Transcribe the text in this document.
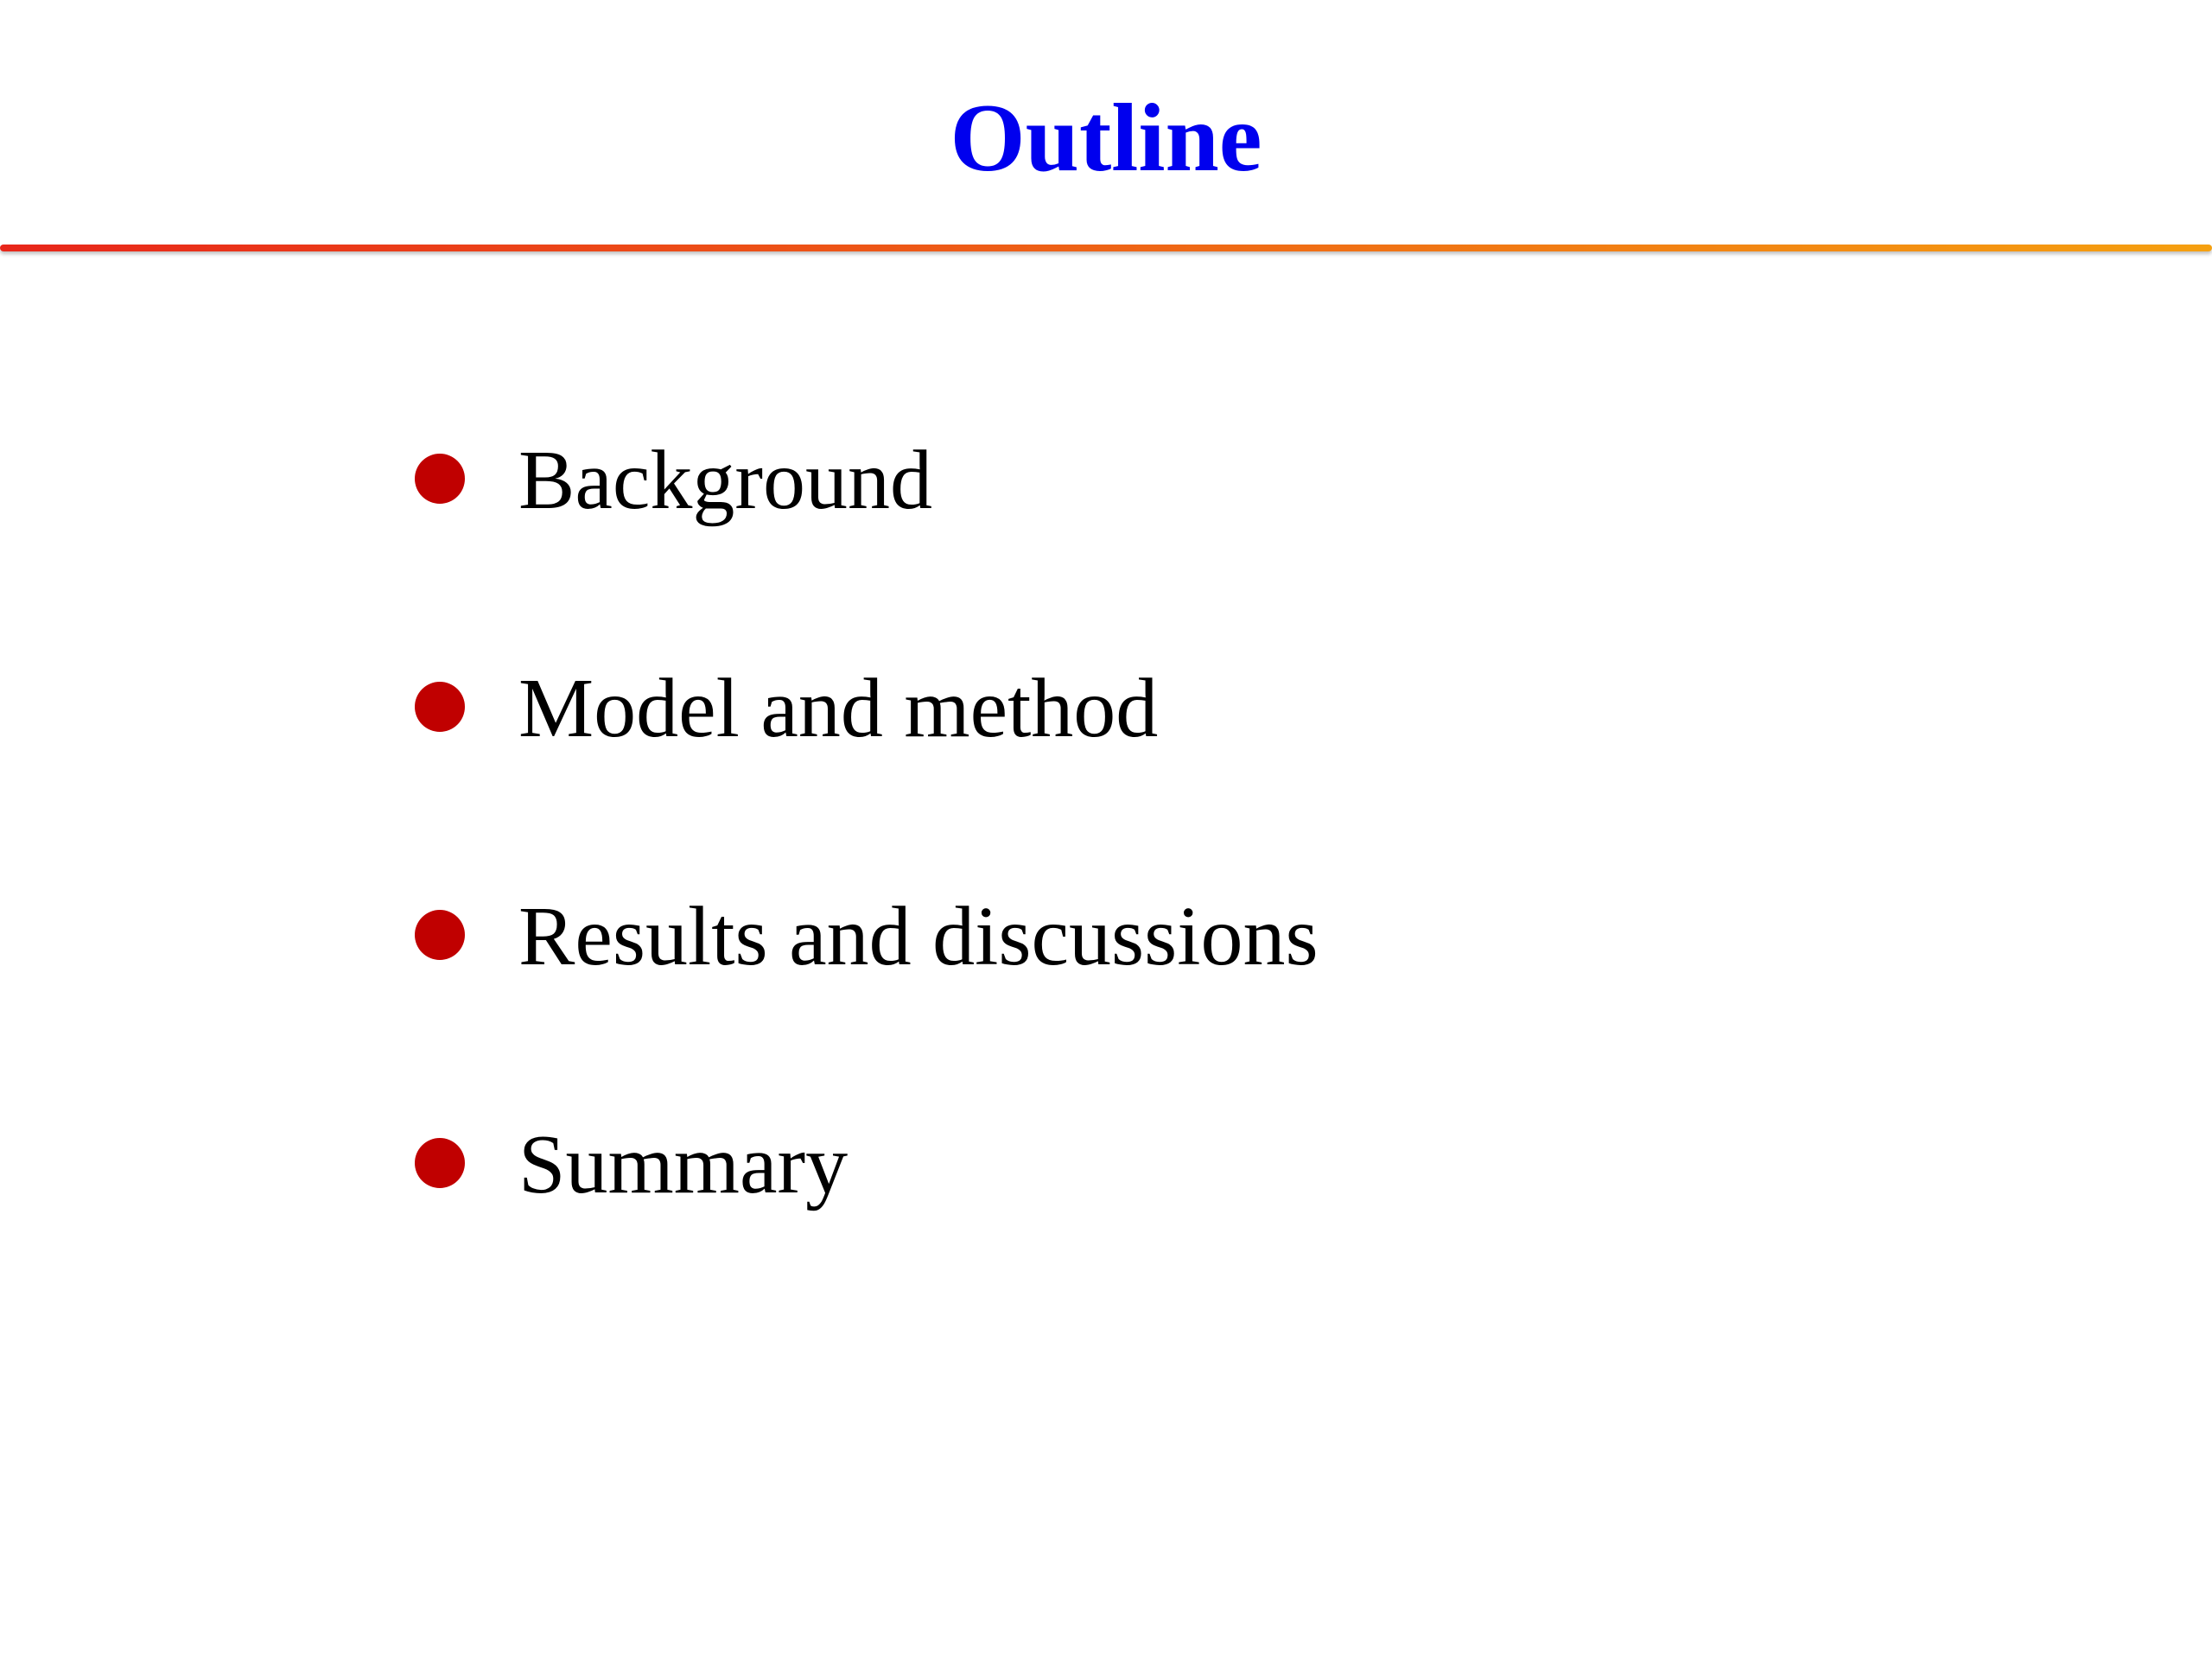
Outline
Background
Model and method
Results and discussions
Summary
